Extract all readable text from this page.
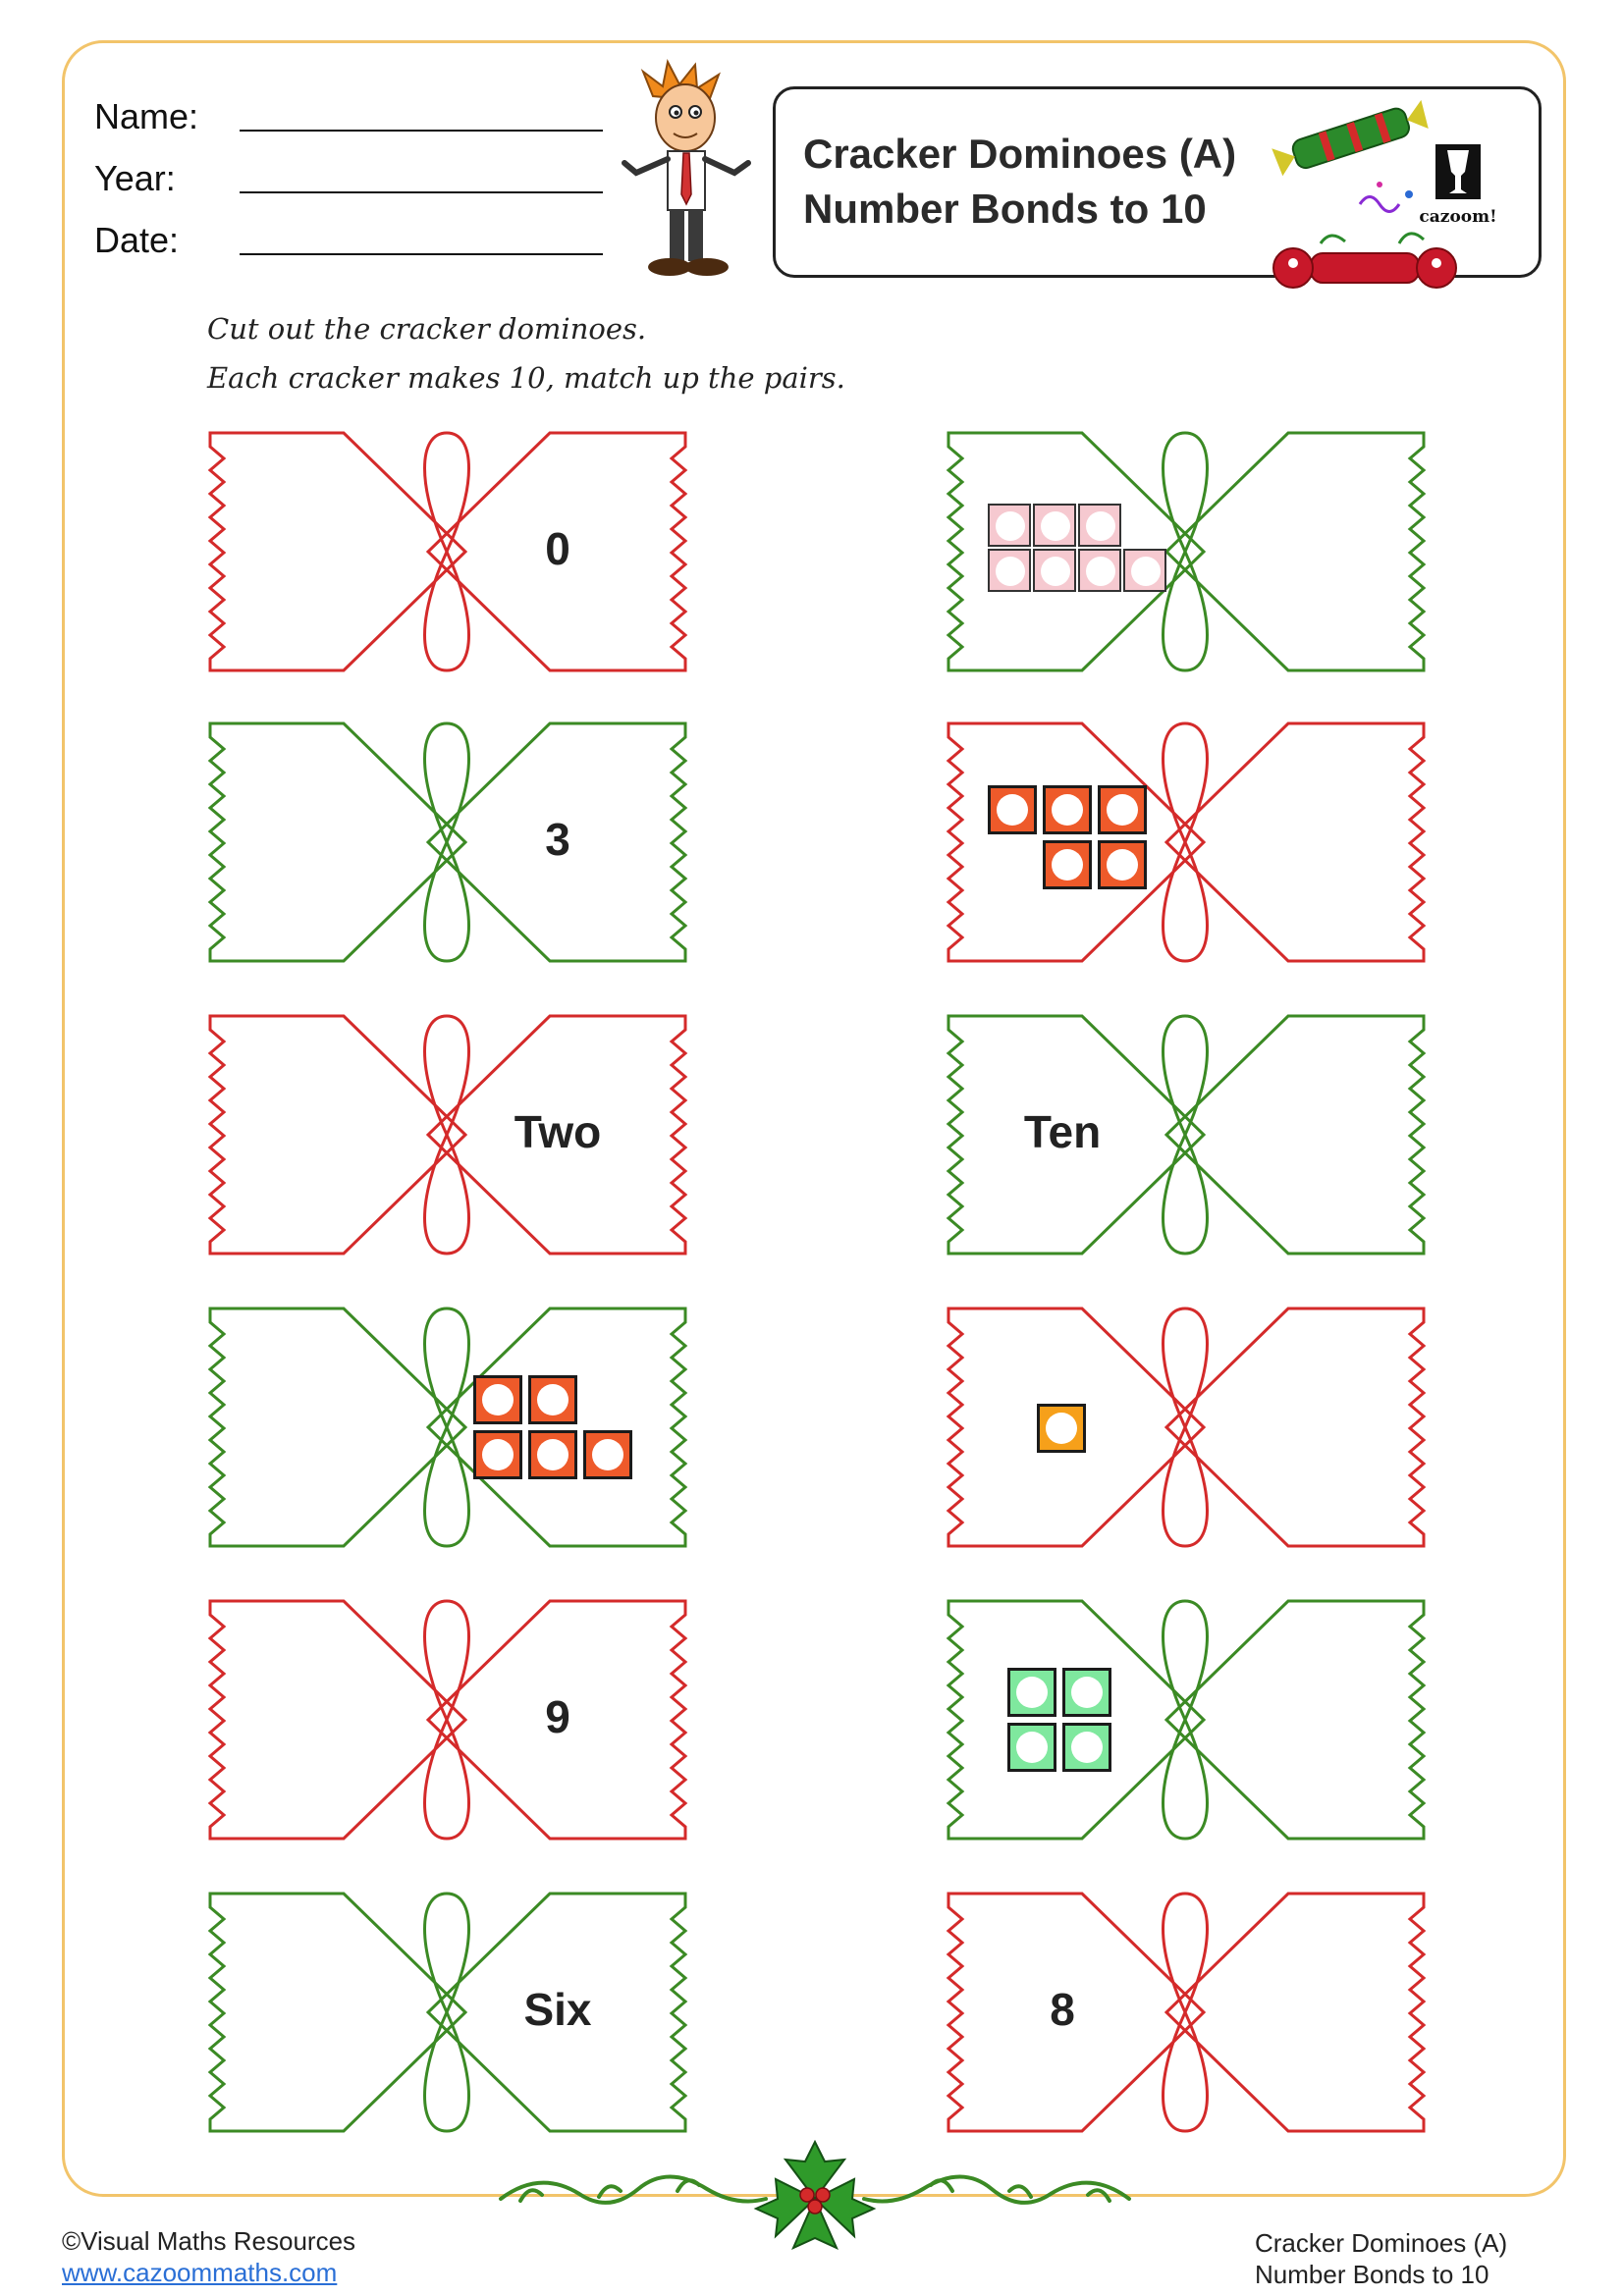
Name:
Year:
Date:
Cracker Dominoes (A)
Number Bonds to 10	cazoom!
Cut out the cracker dominoes.
Each cracker makes 10, match up the pairs.
0
3
Two	Ten
9
Six	8
©Visual Maths Resources
www.cazoommaths.com
Cracker Dominoes (A)
Number Bonds to 10
